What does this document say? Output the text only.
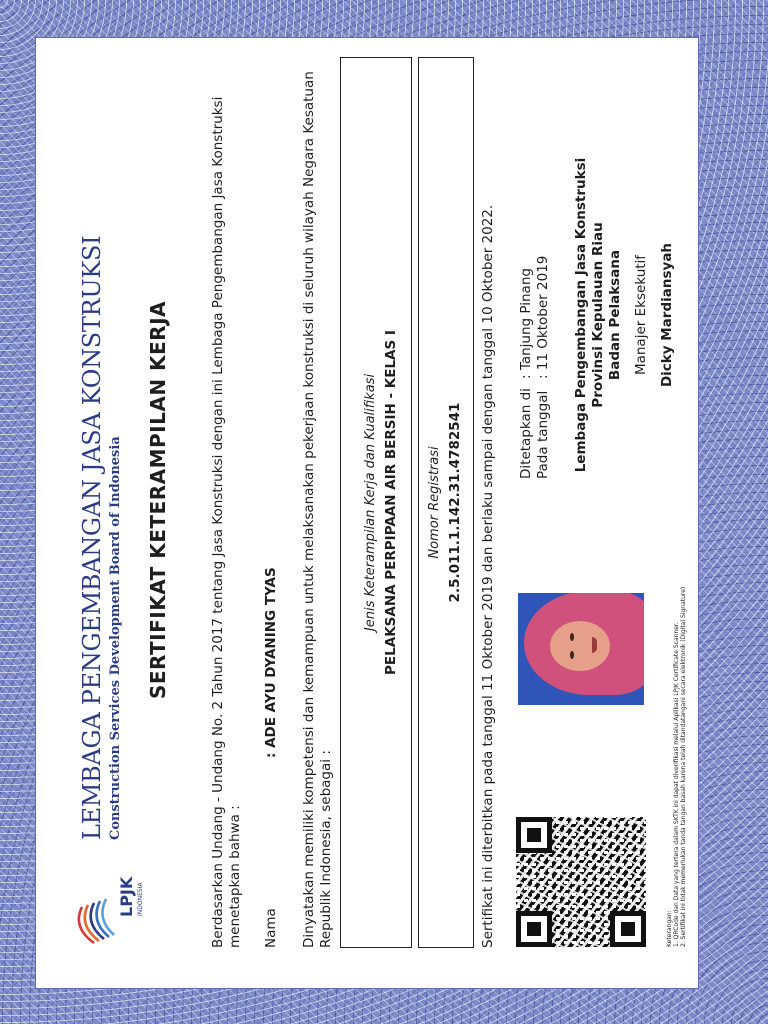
LPJK INDONESIA
LEMBAGA PENGEMBANGAN JASA KONSTRUKSI Construction Services Development Board of Indonesia SERTIFIKAT KETERAMPILAN KERJA	Berdasarkan Undang - Undang No. 2 Tahun 2017 tentang Jasa Konstruksi dengan ini Lembaga Pengembangan Jasa Konstruksi menetapkan bahwa : Nama
: ADE AYU DYANING TYAS Dinyatakan memiliki kompetensi dan kemampuan untuk melaksanakan pekerjaan konstruksi di seluruh wilayah Negara Kesatuan Republik Indonesia, sebagai :
Jenis Keterampilan Kerja dan Kualifikasi PELAKSANA PERPIPAAN AIR BERSIH - KELAS I Nomor Registrasi 2.5.011.1.142.31.4782541 Sertifikat ini diterbitkan pada tanggal 11 Oktober 2019 dan berlaku sampai dengan tanggal 10 Oktober 2022. Ditetapkan di
: Tanjung Pinang
Pada tanggal
: 11 Oktober 2019 Lembaga Pengembangan Jasa Konstruksi Provinsi Kepulauan Riau Badan Pelaksana Manajer Eksekutif Dicky Mardiansyah
Keterangan: 1. QRCode dan Data yang tertera dalam SKTK ini dapat diverifikasi melalui Aplikasi LPJK Certificate Scanner. 2. Sertifikat ini tidak memerlukan tanda tangan basah karena telah ditandatangani secara elektronik (Digital Signature)
